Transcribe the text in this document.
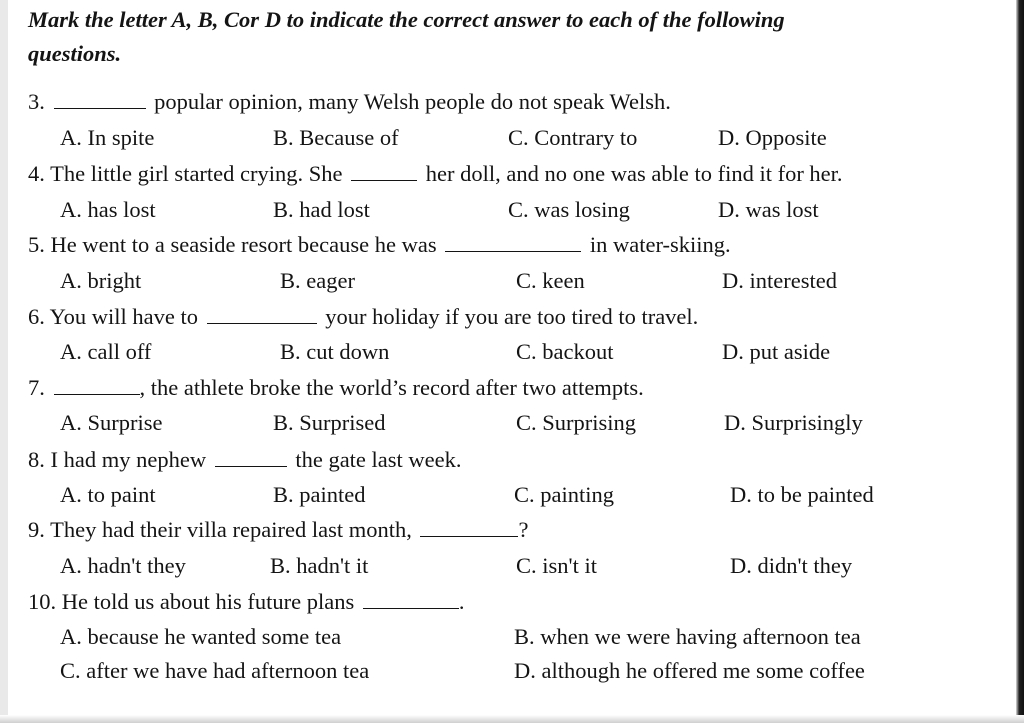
Mark the letter A, B, Cor D to indicate the correct answer to each of the following
questions.
3.	popular opinion, many Welsh people do not speak Welsh.
A. In spite	B. Because of	C. Contrary to	D. Opposite
4. The little girl started crying. She	her doll, and no one was able to find it for her.
A. has lost	B. had lost	C. was losing	D. was lost
5. He went to a seaside resort because he was	in water-skiing.
A. bright	B. eager	C. keen	D. interested
6. You will have to	your holiday if you are too tired to travel.
A. call off	B. cut down	C. backout	D. put aside
7.	, the athlete broke the world’s record after two attempts.
A. Surprise	B. Surprised	C. Surprising	D. Surprisingly
8. I had my nephew	the gate last week.
A. to paint	B. painted	C. painting	D. to be painted
9. They had their villa repaired last month,	?
A. hadn't they	B. hadn't it	C. isn't it	D. didn't they
10. He told us about his future plans	.
A. because he wanted some tea	B. when we were having afternoon tea
C. after we have had afternoon tea	D. although he offered me some coffee
